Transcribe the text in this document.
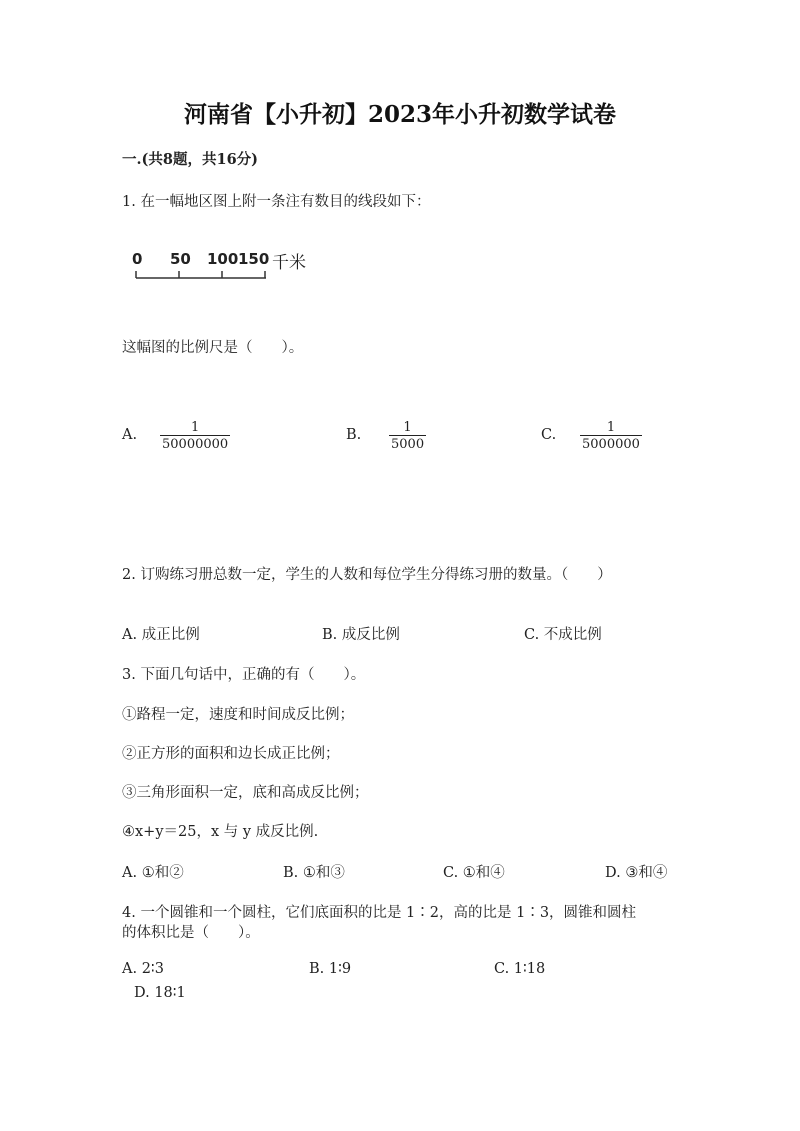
河南省【小升初】2023年小升初数学试卷
一.(共8题，共16分)
1. 在一幅地区图上附一条注有数目的线段如下：
0 50 100 150 千米
这幅图的比例尺是（　　）。
A. $\frac{1}{50000000}$	B. $\frac{1}{5000}$	C. $\frac{1}{5000000}$
2. 订购练习册总数一定，学生的人数和每位学生分得练习册的数量。（　　）
A. 成正比例	B. 成反比例	C. 不成比例
3. 下面几句话中，正确的有（　　）。
①路程一定，速度和时间成反比例；
②正方形的面积和边长成正比例；
③三角形面积一定，底和高成反比例；
④x+y＝25，x 与 y 成反比例.
A. ①和②	B. ①和③	C. ①和④	D. ③和④
4. 一个圆锥和一个圆柱，它们底面积的比是 1∶2，高的比是 1∶3，圆锥和圆柱
的体积比是（　　）。
A. 2∶3	B. 1∶9	C. 1∶18
D. 18∶1
